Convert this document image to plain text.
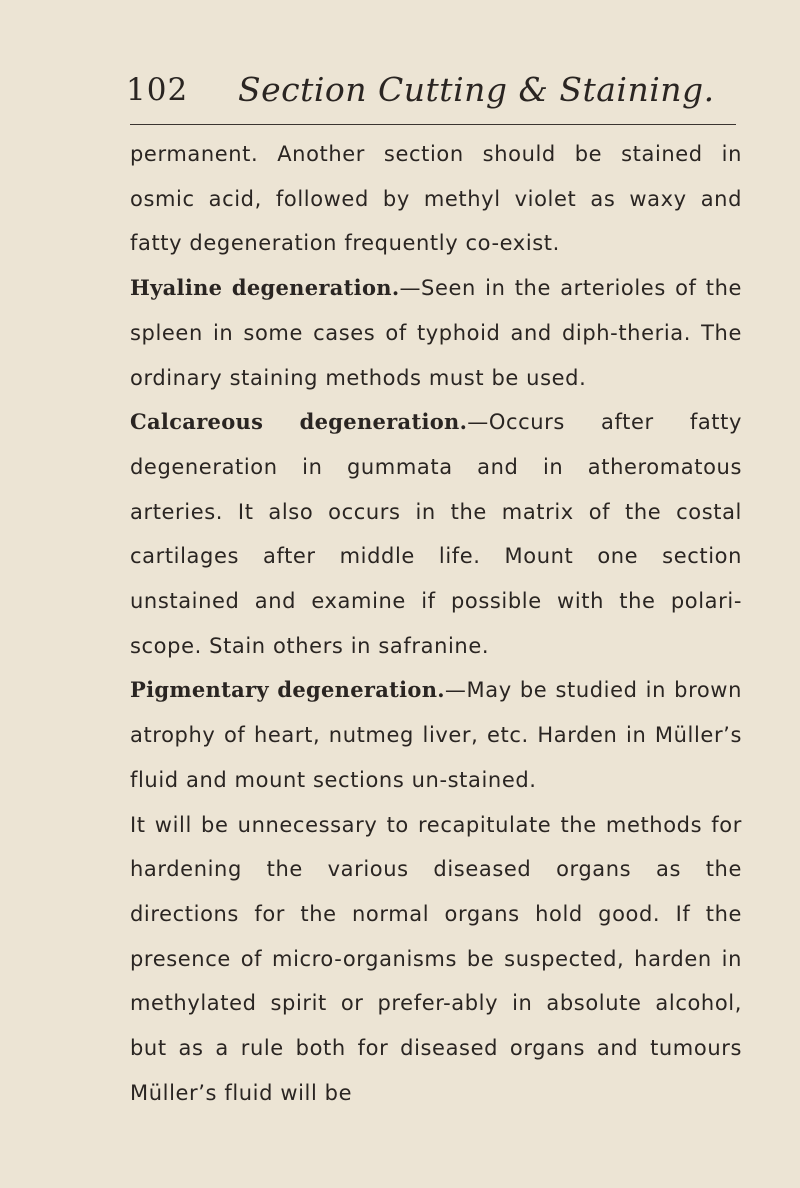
102 Section Cutting & Staining.

permanent. Another section should be stained in osmic acid, followed by methyl violet as waxy and fatty degeneration frequently co-exist.

Hyaline degeneration.—Seen in the arterioles of the spleen in some cases of typhoid and diph-theria. The ordinary staining methods must be used.

Calcareous degeneration.—Occurs after fatty degeneration in gummata and in atheromatous arteries. It also occurs in the matrix of the costal cartilages after middle life. Mount one section unstained and examine if possible with the polari-scope. Stain others in safranine.

Pigmentary degeneration.—May be studied in brown atrophy of heart, nutmeg liver, etc. Harden in Müller’s fluid and mount sections un-stained.

It will be unnecessary to recapitulate the methods for hardening the various diseased organs as the directions for the normal organs hold good. If the presence of micro-organisms be suspected, harden in methylated spirit or prefer-ably in absolute alcohol, but as a rule both for diseased organs and tumours Müller’s fluid will be
